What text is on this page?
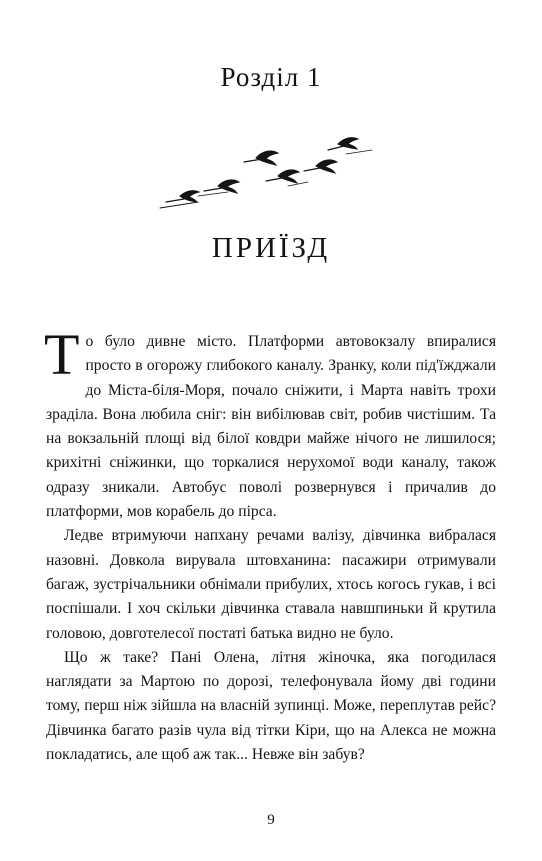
Розділ 1
ПРИЇЗД

То було дивне місто. Платформи автовокзалу впиралися просто в огорожу глибокого каналу. Зранку, коли під'їжджали до Міста-біля-Моря, почало сніжити, і Марта навіть трохи зраділа. Вона любила сніг: він вибілював світ, робив чистішим. Та на вокзальній площі від білої ковдри майже нічого не лишилося; крихітні сніжинки, що торкалися нерухомої води каналу, також одразу зникали. Автобус поволі розвернувся і причалив до платформи, мов корабель до пірса.

Ледве втримуючи напхану речами валізу, дівчинка вибралася назовні. Довкола вирувала штовханина: пасажири отримували багаж, зустрічальники обнімали прибулих, хтось когось гукав, і всі поспішали. І хоч скільки дівчинка ставала навшпиньки й крутила головою, довготелесої постаті батька видно не було.

Що ж таке? Пані Олена, літня жіночка, яка погодилася наглядати за Мартою по дорозі, телефонувала йому дві години тому, перш ніж зійшла на власній зупинці. Може, переплутав рейс? Дівчинка багато разів чула від тітки Кіри, що на Алекса не можна покладатись, але щоб аж так... Невже він забув?

9
